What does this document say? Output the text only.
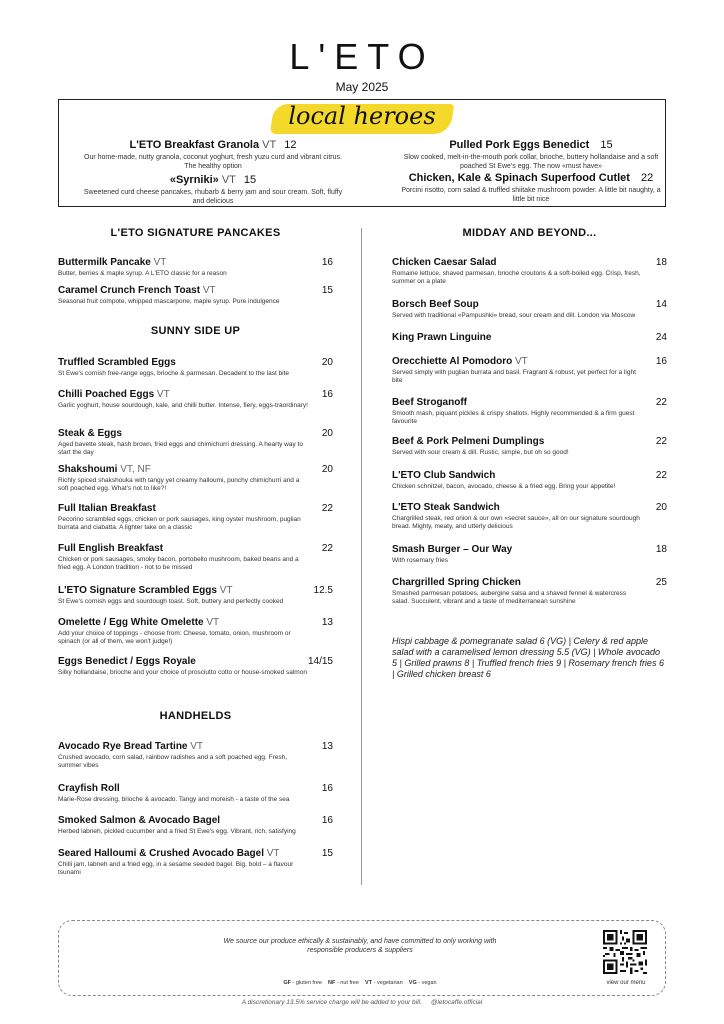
L'ETO
May 2025
local heroes
L'ETO Breakfast Granola VT 12
Our home-made, nutty granola, coconut yoghurt, fresh yuzu curd and vibrant citrus. The healthy option
«Syrniki» VT 15
Sweetened curd cheese pancakes, rhubarb & berry jam and sour cream. Soft, fluffy and delicious
Pulled Pork Eggs Benedict 15
Slow cooked, melt-in-the-mouth pork collar, brioche, buttery hollandaise and a soft poached St Ewe's egg. The now «must have»
Chicken, Kale & Spinach Superfood Cutlet 22
Porcini risotto, corn salad & truffled shiitake mushroom powder. A little bit naughty, a little bit nice
L'ETO SIGNATURE PANCAKES
SUNNY SIDE UP
HANDHELDS
MIDDAY AND BEYOND...
Buttermilk Pancake VT	16
Butter, berries & maple syrup. A L'ETO classic for a reason
Caramel Crunch French Toast VT	15
Seasonal fruit compote, whipped mascarpone, maple syrup. Pure indulgence
Truffled Scrambled Eggs	20
St Ewe's cornish free-range eggs, brioche & parmesan. Decadent to the last bite
Chilli Poached Eggs VT	16
Garlic yoghurt, house sourdough, kale, and chilli butter. Intense, fiery, eggs-traordinary!
Steak & Eggs	20
Aged bavette steak, hash brown, fried eggs and chimichurri dressing. A hearty way to start the day
Shakshoumi VT, NF	20
Richly spiced shakshouka with tangy yet creamy halloumi, punchy chimichurri and a soft poached egg. What's not to like?!
Full Italian Breakfast	22
Pecorino scrambled eggs, chicken or pork sausages, king oyster mushroom, puglian burrata and ciabatta. A lighter take on a classic
Full English Breakfast	22
Chicken or pork sausages, smoky bacon, portobello mushroom, baked beans and a fried egg. A London tradition - not to be missed
L'ETO Signature Scrambled Eggs VT	12.5
St Ewe's cornish eggs and sourdough toast. Soft, buttery and perfectly cooked
Omelette / Egg White Omelette VT	13
Add your choice of toppings - choose from: Cheese, tomato, onion, mushroom or spinach (or all of them, we won't judge!)
Eggs Benedict / Eggs Royale	14/15
Silky hollandaise, brioche and your choice of prosciutto cotto or house-smoked salmon
Avocado Rye Bread Tartine VT	13
Crushed avocado, corn salad, rainbow radishes and a soft poached egg. Fresh, summer vibes
Crayfish Roll	16
Marie-Rose dressing, brioche & avocado. Tangy and moreish - a taste of the sea
Smoked Salmon & Avocado Bagel	16
Herbed labneh, pickled cucumber and a fried St Ewe's egg. Vibrant, rich, satisfying
Seared Halloumi & Crushed Avocado Bagel VT	15
Chilli jam, labneh and a fried egg, in a sesame seeded bagel. Big, bold – a flavour tsunami
Chicken Caesar Salad	18
Romaine lettuce, shaved parmesan, brioche croutons & a soft-boiled egg. Crisp, fresh, summer on a plate
Borsch Beef Soup	14
Served with traditional «Pampushki» bread, sour cream and dill. London via Moscow
King Prawn Linguine	24
Orecchiette Al Pomodoro VT	16
Served simply with puglian burrata and basil. Fragrant & robust, yet perfect for a light bite
Beef Stroganoff	22
Smooth mash, piquant pickles & crispy shallots. Highly recommended & a firm guest favourite
Beef & Pork Pelmeni Dumplings	22
Served with sour cream & dill. Rustic, simple, but oh so good!
L'ETO Club Sandwich	22
Chicken schnitzel, bacon, avocado, cheese & a fried egg. Bring your appetite!
L'ETO Steak Sandwich	20
Chargrilled steak, red onion & our own «secret sauce», all on our signature sourdough bread. Mighty, meaty, and utterly delicious
Smash Burger – Our Way	18
With rosemary fries
Chargrilled Spring Chicken	25
Smashed parmesan potatoes, aubergine salsa and a shaved fennel & watercress salad. Succulent, vibrant and a taste of mediterranean sunshine
Hispi cabbage & pomegranate salad 6 (VG) | Celery & red apple salad with a caramelised lemon dressing 5.5 (VG) | Whole avocado 5 | Grilled prawns 8 | Truffled french fries 9 | Rosemary french fries 6 | Grilled chicken breast 6
We source our produce ethically & sustainably, and have committed to only working with responsible producers & suppliers
GF - gluten free NF - nut free VT - vegetarian VG - vegan	view our menu
A discretionary 13.5% service charge will be added to your bill. @letocaffe.official
